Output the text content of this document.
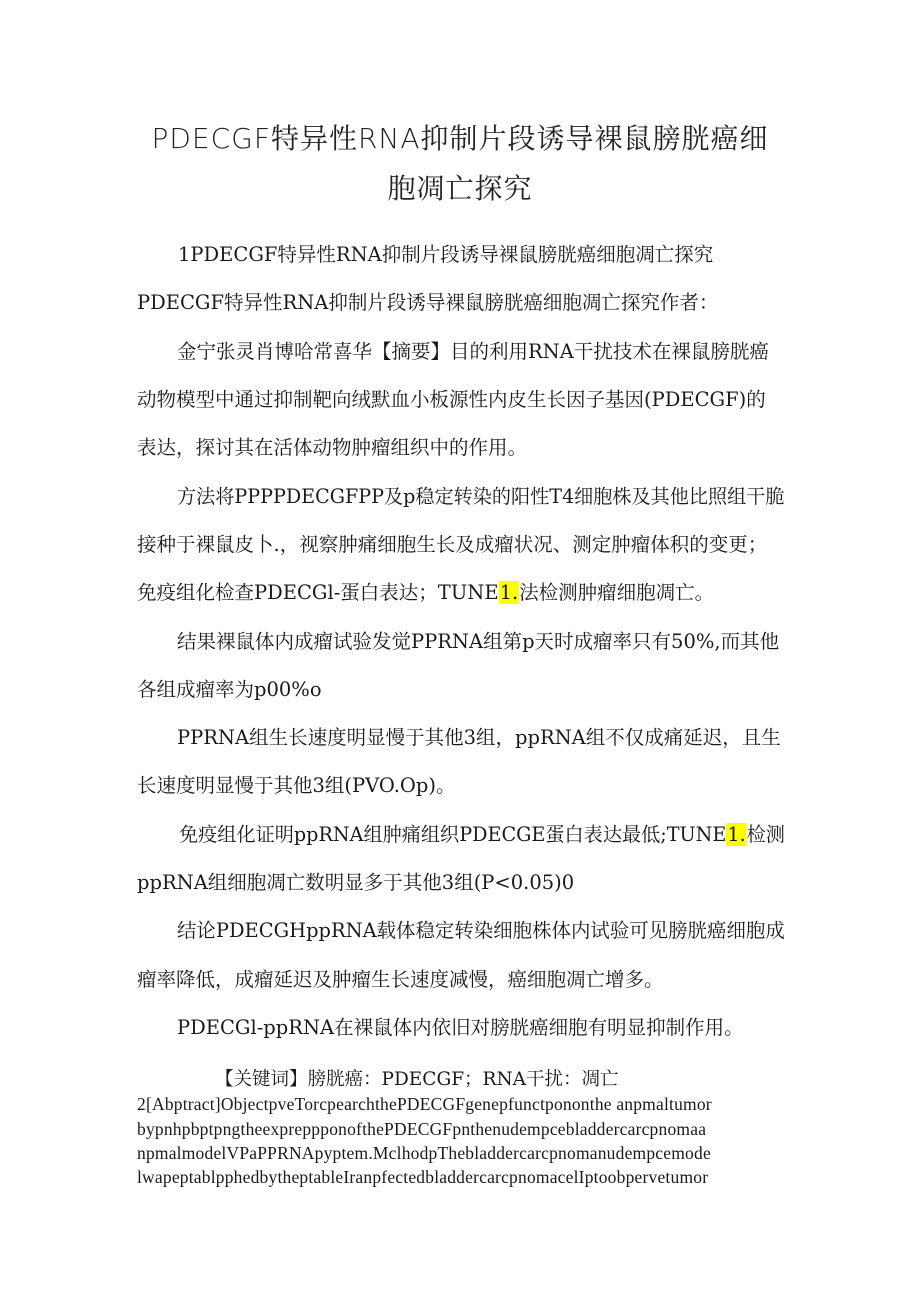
PDECGF特异性RNA抑制片段诱导裸鼠膀胱癌细
胞凋亡探究
1PDECGF特异性RNA抑制片段诱导裸鼠膀胱癌细胞凋亡探究
PDECGF特异性RNA抑制片段诱导裸鼠膀胱癌细胞凋亡探究作者：
金宁张灵肖博哈常喜华【摘要】目的利用RNA干扰技术在裸鼠膀胱癌
动物模型中通过抑制靶向绒默血小板源性内皮生长因子基因(PDECGF)的
表达，探讨其在活体动物肿瘤组织中的作用。
方法将PPPPDECGFPP及p稳定转染的阳性T4细胞株及其他比照组干脆
接种于裸鼠皮卜.，视察肿痛细胞生长及成瘤状况、测定肿瘤体积的变更；
免疫组化检查PDECGl-蛋白表达；TUNE1.法检测肿瘤细胞凋亡。
结果裸鼠体内成瘤试验发觉PPRNA组第p天时成瘤率只有50%,而其他
各组成瘤率为p00%o
PPRNA组生长速度明显慢于其他3组，ppRNA组不仅成痛延迟，且生
长速度明显慢于其他3组(PVO.Op)。
免疫组化证明ppRNA组肿痛组织PDECGE蛋白表达最低;TUNE1.检测
ppRNA组细胞凋亡数明显多于其他3组(P<0.05)0
结论PDECGHppRNA载体稳定转染细胞株体内试验可见膀胱癌细胞成
瘤率降低，成瘤延迟及肿瘤生长速度减慢，癌细胞凋亡增多。
PDECGl-ppRNA在裸鼠体内依旧对膀胱癌细胞有明显抑制作用。
【关键词】膀胱癌：PDECGF；RNA干扰：凋亡
2[Abptract]ObjectpveTorcpearchthePDECGFgenepfunctpononthe anpmaltumor
bypnhpbptpngtheexpreppponofthePDECGFpnthenudempcebladdercarcpnomaa
npmalmodelVPaPPRNApyptem.MclhodpThebladdercarcpnomanudempcemode
lwapeptablpphedbytheptableIranpfectedbladdercarcpnomacelIptoobpervetumor
